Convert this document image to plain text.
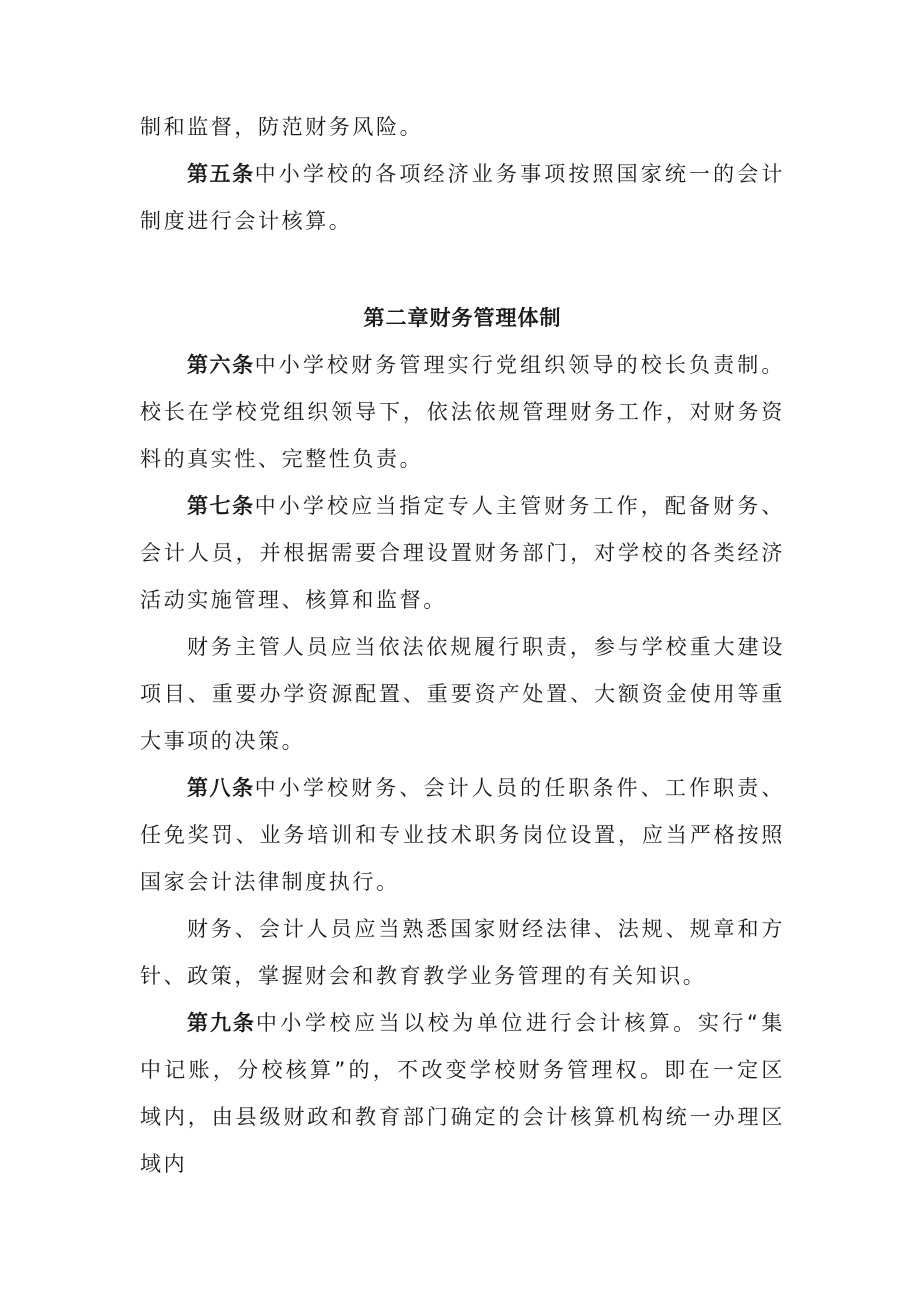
制和监督，防范财务风险。

第五条中小学校的各项经济业务事项按照国家统一的会计制度进行会计核算。

第二章财务管理体制

第六条中小学校财务管理实行党组织领导的校长负责制。校长在学校党组织领导下，依法依规管理财务工作，对财务资料的真实性、完整性负责。

第七条中小学校应当指定专人主管财务工作，配备财务、会计人员，并根据需要合理设置财务部门，对学校的各类经济活动实施管理、核算和监督。

财务主管人员应当依法依规履行职责，参与学校重大建设项目、重要办学资源配置、重要资产处置、大额资金使用等重大事项的决策。

第八条中小学校财务、会计人员的任职条件、工作职责、任免奖罚、业务培训和专业技术职务岗位设置，应当严格按照国家会计法律制度执行。

财务、会计人员应当熟悉国家财经法律、法规、规章和方针、政策，掌握财会和教育教学业务管理的有关知识。

第九条中小学校应当以校为单位进行会计核算。实行“集中记账，分校核算”的，不改变学校财务管理权。即在一定区域内，由县级财政和教育部门确定的会计核算机构统一办理区域内
